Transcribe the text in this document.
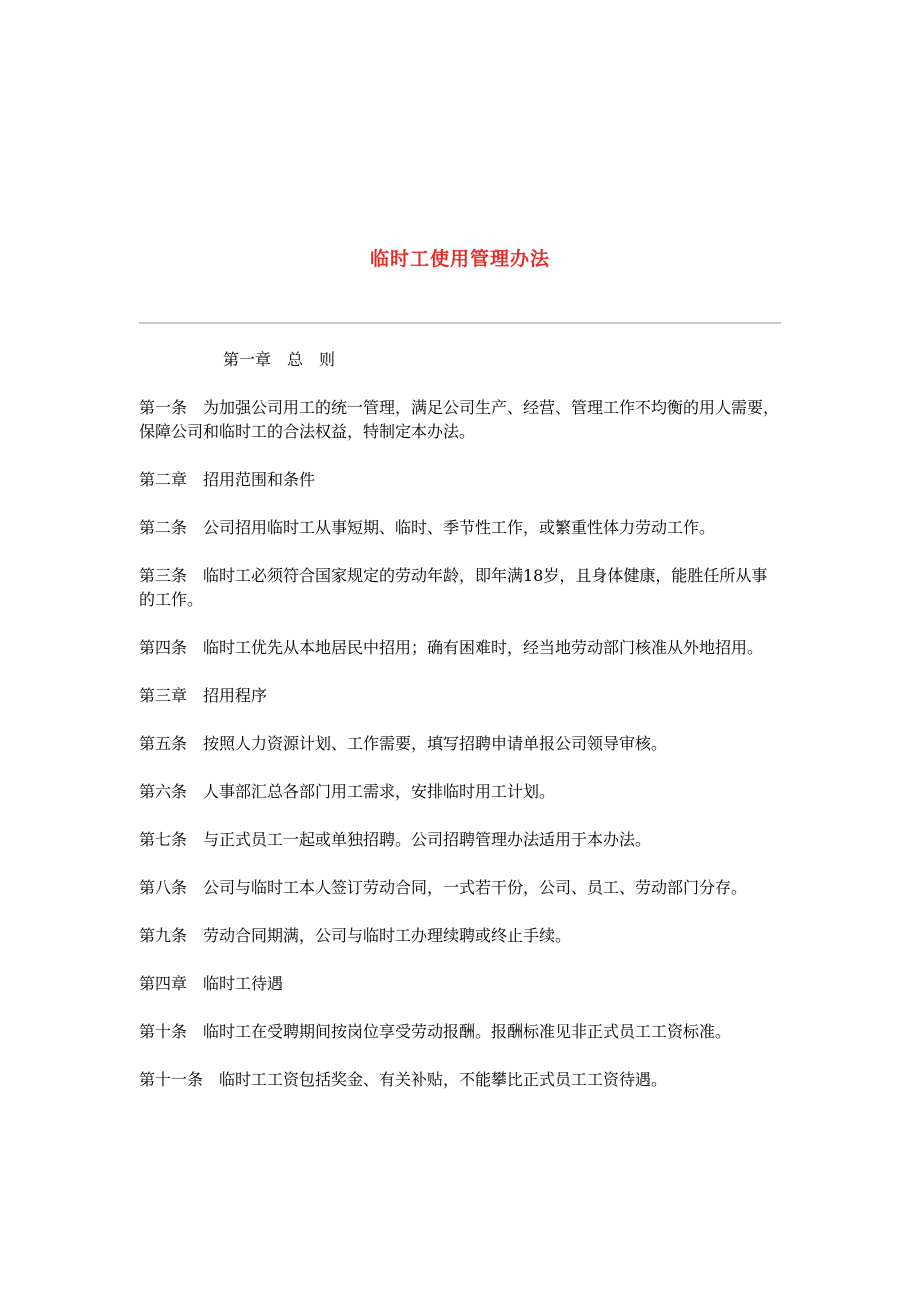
临时工使用管理办法

第一章　总　则

第一条　为加强公司用工的统一管理，满足公司生产、经营、管理工作不均衡的用人需要，保障公司和临时工的合法权益，特制定本办法。

第二章　招用范围和条件

第二条　公司招用临时工从事短期、临时、季节性工作，或繁重性体力劳动工作。

第三条　临时工必须符合国家规定的劳动年龄，即年满18岁，且身体健康，能胜任所从事的工作。

第四条　临时工优先从本地居民中招用；确有困难时，经当地劳动部门核准从外地招用。

第三章　招用程序

第五条　按照人力资源计划、工作需要，填写招聘申请单报公司领导审核。

第六条　人事部汇总各部门用工需求，安排临时用工计划。

第七条　与正式员工一起或单独招聘。公司招聘管理办法适用于本办法。

第八条　公司与临时工本人签订劳动合同，一式若干份，公司、员工、劳动部门分存。

第九条　劳动合同期满，公司与临时工办理续聘或终止手续。

第四章　临时工待遇

第十条　临时工在受聘期间按岗位享受劳动报酬。报酬标准见非正式员工工资标准。

第十一条　临时工工资包括奖金、有关补贴，不能攀比正式员工工资待遇。
